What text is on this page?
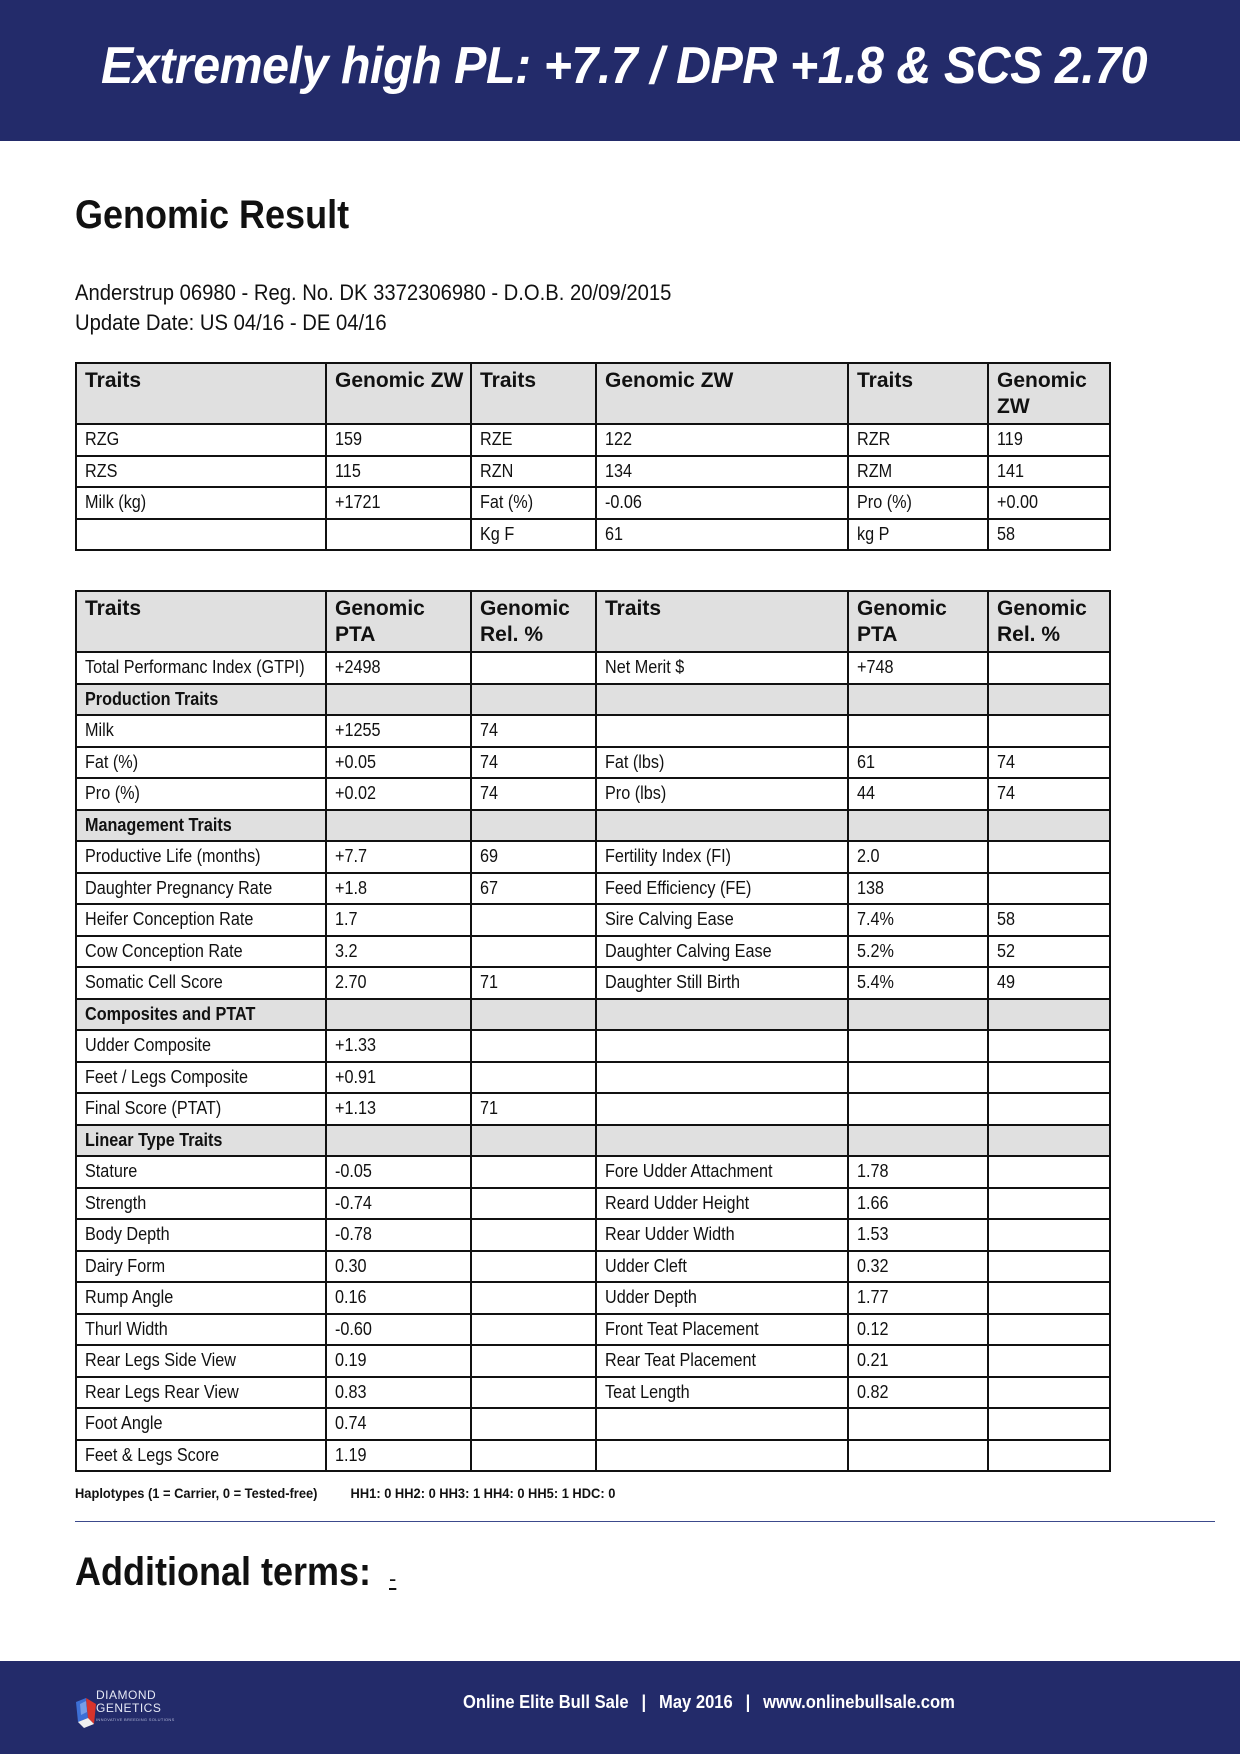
Extremely high PL: +7.7 / DPR +1.8 & SCS 2.70
Genomic Result
Anderstrup 06980 - Reg. No. DK 3372306980 - D.O.B. 20/09/2015
Update Date: US 04/16 - DE 04/16
Traits	Genomic ZW	Traits	Genomic ZW	Traits	Genomic ZW
RZG	159	RZE	122	RZR	119
RZS	115	RZN	134	RZM	141
Milk (kg)	+1721	Fat (%)	-0.06	Pro (%)	+0.00
		Kg F	61	kg P	58
Traits	Genomic PTA	Genomic Rel. %	Traits	Genomic PTA	Genomic Rel. %
Total Performanc Index (GTPI)	+2498		Net Merit $	+748	
Production Traits					
Milk	+1255	74			
Fat (%)	+0.05	74	Fat (lbs)	61	74
Pro (%)	+0.02	74	Pro (lbs)	44	74
Management Traits					
Productive Life (months)	+7.7	69	Fertility Index (FI)	2.0	
Daughter Pregnancy Rate	+1.8	67	Feed Efficiency (FE)	138	
Heifer Conception Rate	1.7		Sire Calving Ease	7.4%	58
Cow Conception Rate	3.2		Daughter Calving Ease	5.2%	52
Somatic Cell Score	2.70	71	Daughter Still Birth	5.4%	49
Composites and PTAT					
Udder Composite	+1.33				
Feet / Legs Composite	+0.91				
Final Score (PTAT)	+1.13	71			
Linear Type Traits					
Stature	-0.05		Fore Udder Attachment	1.78	
Strength	-0.74		Reard Udder Height	1.66	
Body Depth	-0.78		Rear Udder Width	1.53	
Dairy Form	0.30		Udder Cleft	0.32	
Rump Angle	0.16		Udder Depth	1.77	
Thurl Width	-0.60		Front Teat Placement	0.12	
Rear Legs Side View	0.19		Rear Teat Placement	0.21	
Rear Legs Rear View	0.83		Teat Length	0.82	
Foot Angle	0.74				
Feet & Legs Score	1.19				
Haplotypes (1 = Carrier, 0 = Tested-free) HH1: 0 HH2: 0 HH3: 1 HH4: 0 HH5: 1 HDC: 0
Additional terms: -
DIAMOND
GENETICS
INNOVATIVE BREEDING SOLUTIONS
Online Elite Bull Sale | May 2016 | www.onlinebullsale.com
